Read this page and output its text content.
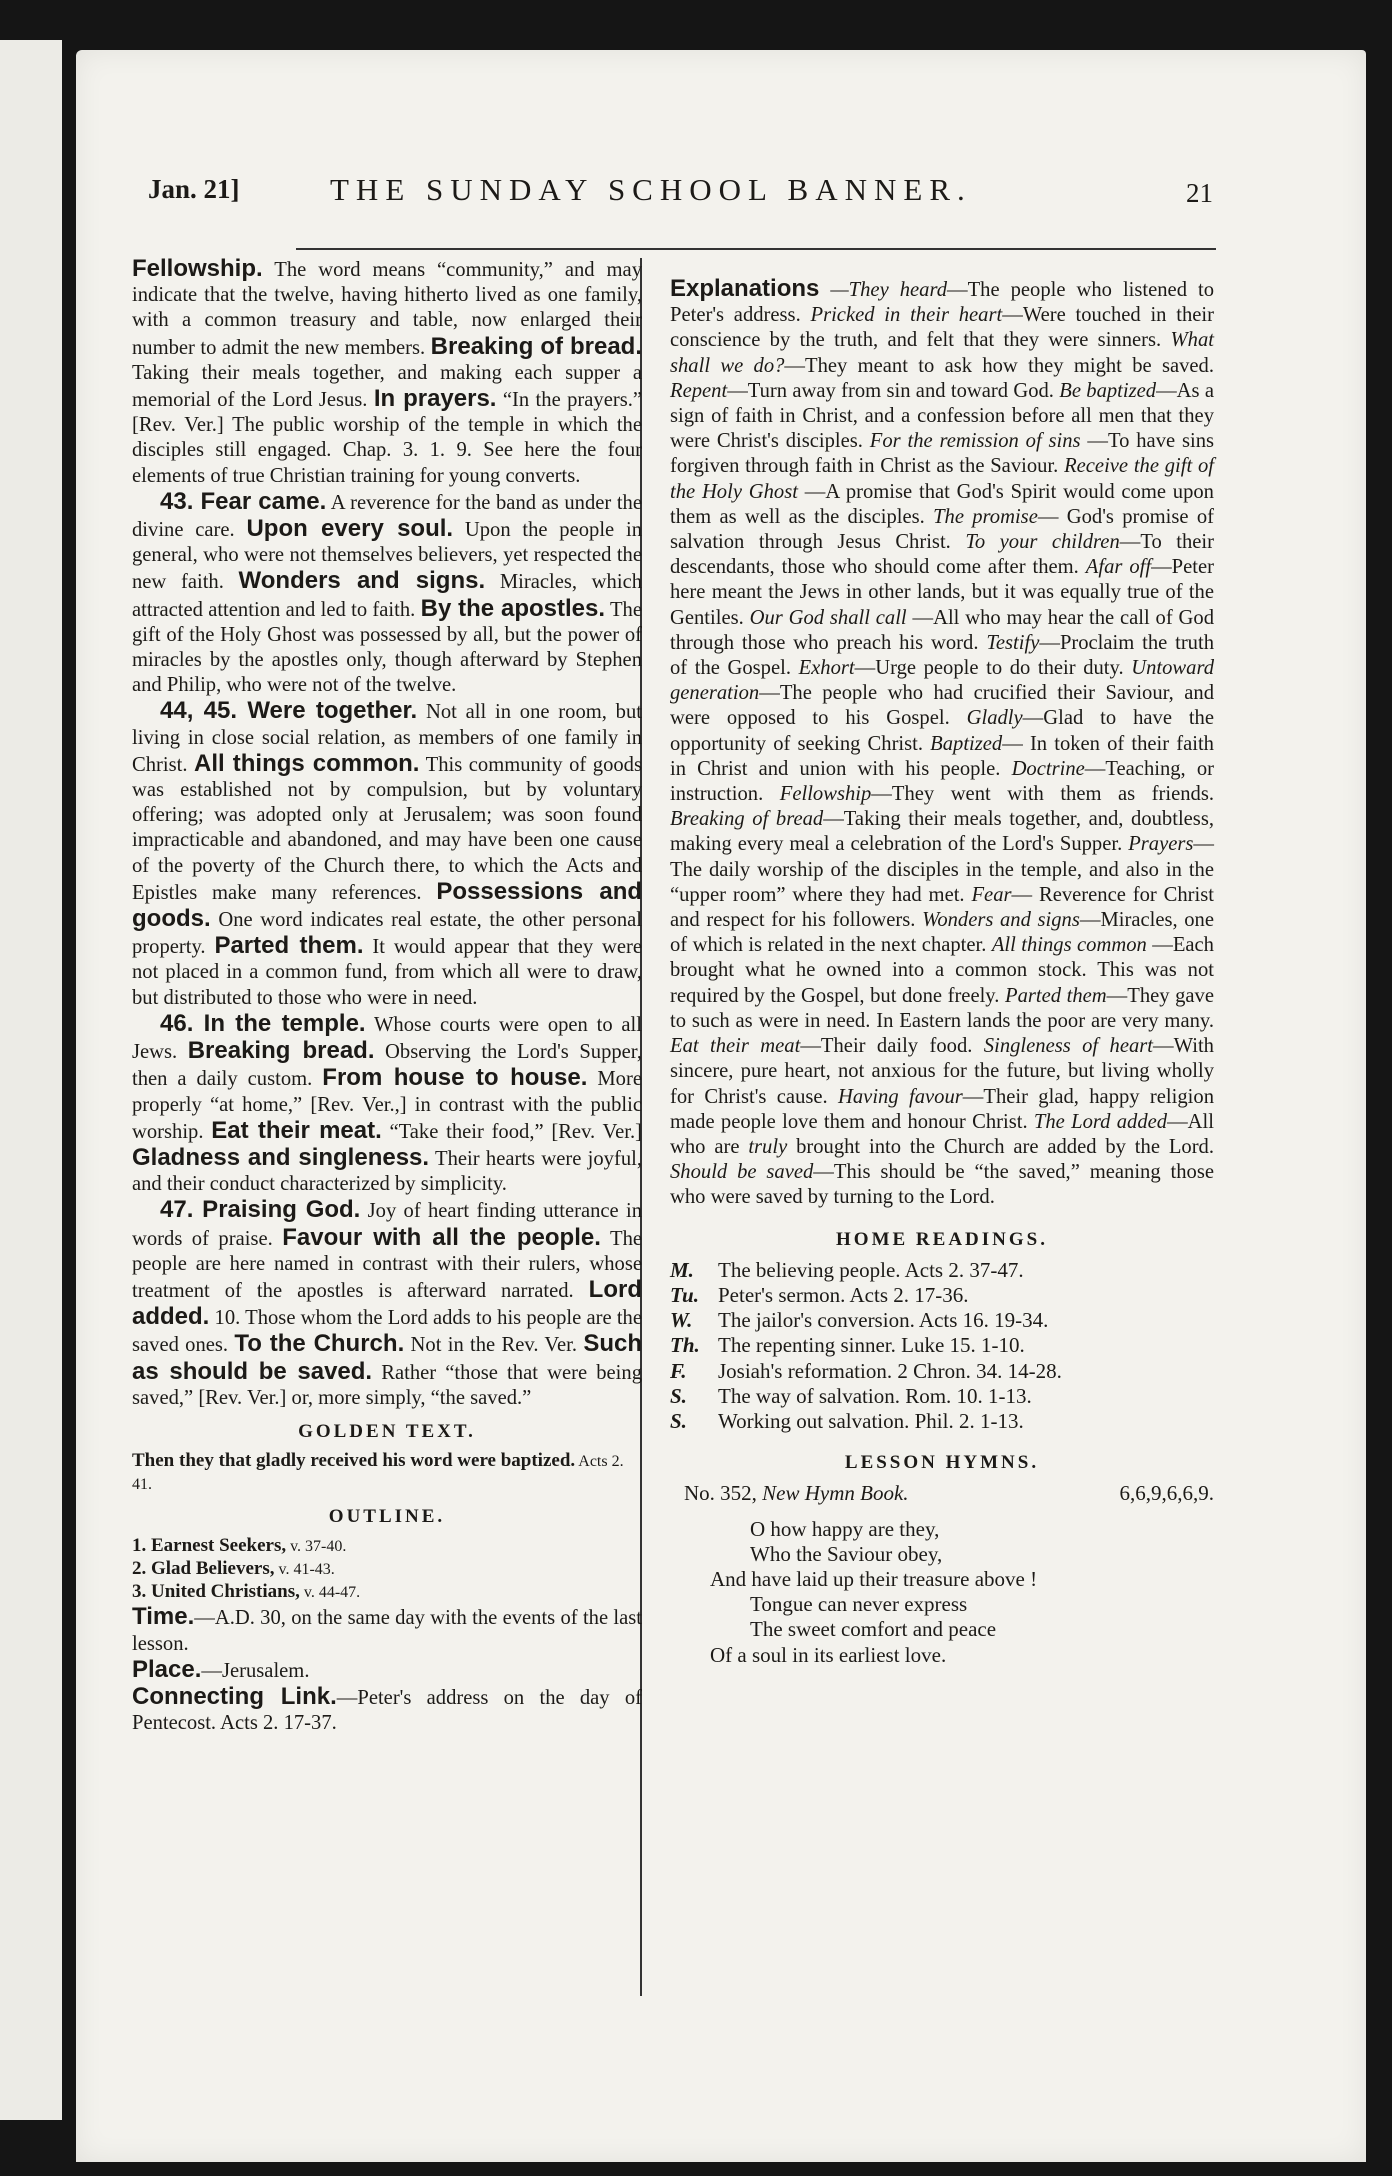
Jan. 21]	THE SUNDAY SCHOOL BANNER.	21

Fellowship. The word means “community,” and may indicate that the twelve, having hitherto lived as one family, with a common treasury and table, now enlarged their number to admit the new members. Breaking of bread. Taking their meals together, and making each supper a memorial of the Lord Jesus. In prayers. “In the prayers.” [Rev. Ver.] The public worship of the temple in which the disciples still engaged. Chap. 3. 1. 9. See here the four elements of true Christian training for young converts.

43. Fear came. A reverence for the band as under the divine care. Upon every soul. Upon the people in general, who were not themselves believers, yet respected the new faith. Wonders and signs. Miracles, which attracted attention and led to faith. By the apostles. The gift of the Holy Ghost was possessed by all, but the power of miracles by the apostles only, though afterward by Stephen and Philip, who were not of the twelve.

44, 45. Were together. Not all in one room, but living in close social relation, as members of one family in Christ. All things common. This community of goods was established not by compulsion, but by voluntary offering; was adopted only at Jerusalem; was soon found impracticable and abandoned, and may have been one cause of the poverty of the Church there, to which the Acts and Epistles make many references. Possessions and goods. One word indicates real estate, the other personal property. Parted them. It would appear that they were not placed in a common fund, from which all were to draw, but distributed to those who were in need.

46. In the temple. Whose courts were open to all Jews. Breaking bread. Observing the Lord's Supper, then a daily custom. From house to house. More properly “at home,” [Rev. Ver.,] in contrast with the public worship. Eat their meat. “Take their food,” [Rev. Ver.] Gladness and singleness. Their hearts were joyful, and their conduct characterized by simplicity.

47. Praising God. Joy of heart finding utterance in words of praise. Favour with all the people. The people are here named in contrast with their rulers, whose treatment of the apostles is afterward narrated. Lord added. 10. Those whom the Lord adds to his people are the saved ones. To the Church. Not in the Rev. Ver. Such as should be saved. Rather “those that were being saved,” [Rev. Ver.] or, more simply, “the saved.”

GOLDEN TEXT.

Then they that gladly received his word were baptized. Acts 2. 41.

OUTLINE.

1. Earnest Seekers, v. 37-40.

2. Glad Believers, v. 41-43.

3. United Christians, v. 44-47.

Time.—A.D. 30, on the same day with the events of the last lesson.

Place.—Jerusalem.

Connecting Link.—Peter's address on the day of Pentecost. Acts 2. 17-37.

Explanations —They heard—The people who listened to Peter's address. Pricked in their heart—Were touched in their conscience by the truth, and felt that they were sinners. What shall we do?—They meant to ask how they might be saved. Repent—Turn away from sin and toward God. Be baptized—As a sign of faith in Christ, and a confession before all men that they were Christ's disciples. For the remission of sins —To have sins forgiven through faith in Christ as the Saviour. Receive the gift of the Holy Ghost —A promise that God's Spirit would come upon them as well as the disciples. The promise— God's promise of salvation through Jesus Christ. To your children—To their descendants, those who should come after them. Afar off—Peter here meant the Jews in other lands, but it was equally true of the Gentiles. Our God shall call —All who may hear the call of God through those who preach his word. Testify—Proclaim the truth of the Gospel. Exhort—Urge people to do their duty. Untoward generation—The people who had crucified their Saviour, and were opposed to his Gospel. Gladly—Glad to have the opportunity of seeking Christ. Baptized— In token of their faith in Christ and union with his people. Doctrine—Teaching, or instruction. Fellowship—They went with them as friends. Breaking of bread—Taking their meals together, and, doubtless, making every meal a celebration of the Lord's Supper. Prayers—The daily worship of the disciples in the temple, and also in the “upper room” where they had met. Fear— Reverence for Christ and respect for his followers. Wonders and signs—Miracles, one of which is related in the next chapter. All things common —Each brought what he owned into a common stock. This was not required by the Gospel, but done freely. Parted them—They gave to such as were in need. In Eastern lands the poor are very many. Eat their meat—Their daily food. Singleness of heart—With sincere, pure heart, not anxious for the future, but living wholly for Christ's cause. Having favour—Their glad, happy religion made people love them and honour Christ. The Lord added—All who are truly brought into the Church are added by the Lord. Should be saved—This should be “the saved,” meaning those who were saved by turning to the Lord.

HOME READINGS.
M.	The believing people. Acts 2. 37-47.
Tu. Peter's sermon. Acts 2. 17-36.
W.	The jailor's conversion. Acts 16. 19-34.
Th. The repenting sinner. Luke 15. 1-10.
F.	Josiah's reformation. 2 Chron. 34. 14-28.
S.	The way of salvation. Rom. 10. 1-13.
S.	Working out salvation. Phil. 2. 1-13.
LESSON HYMNS.
No. 352, New Hymn Book.	6,6,9,6,6,9.

O how happy are they,

Who the Saviour obey,

And have laid up their treasure above !

Tongue can never express

The sweet comfort and peace

Of a soul in its earliest love.
